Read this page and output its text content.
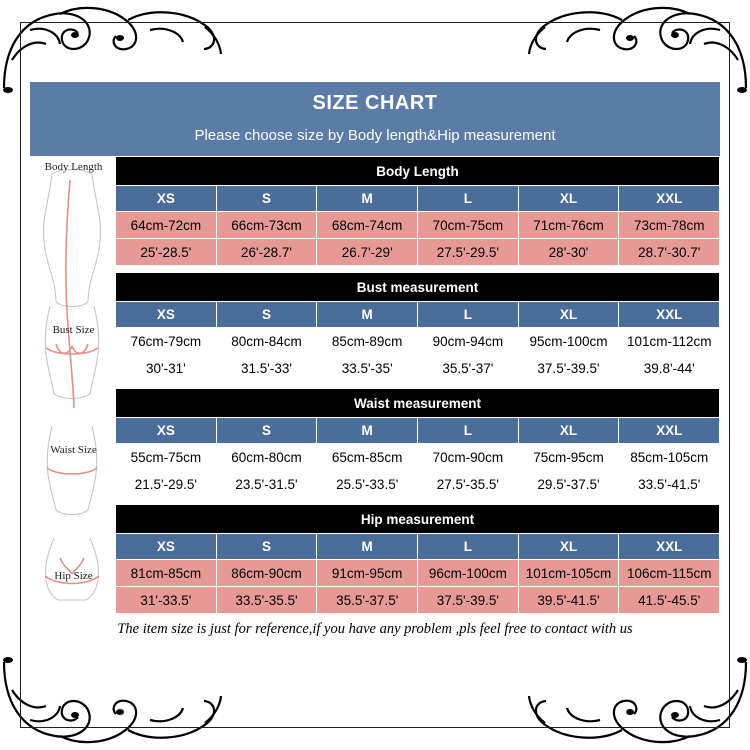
SIZE CHART
Please choose size by Body length&Hip measurement
Body Length
Bust Size
Waist Size
Hip Size
Body Length					
XS	S	M	L	XL	XXL
64cm-72cm	66cm-73cm	68cm-74cm	70cm-75cm	71cm-76cm	73cm-78cm
25'-28.5'	26'-28.7'	26.7'-29'	27.5'-29.5'	28'-30'	28.7'-30.7'

Bust measurement					
XS	S	M	L	XL	XXL
76cm-79cm	80cm-84cm	85cm-89cm	90cm-94cm	95cm-100cm	101cm-112cm
30'-31'	31.5'-33'	33.5'-35'	35.5'-37'	37.5'-39.5'	39.8'-44'

Waist measurement					
XS	S	M	L	XL	XXL
55cm-75cm	60cm-80cm	65cm-85cm	70cm-90cm	75cm-95cm	85cm-105cm
21.5'-29.5'	23.5'-31.5'	25.5'-33.5'	27.5'-35.5'	29.5'-37.5'	33.5'-41.5'

Hip measurement					
XS	S	M	L	XL	XXL
81cm-85cm	86cm-90cm	91cm-95cm	96cm-100cm	101cm-105cm	106cm-115cm
31'-33.5'	33.5'-35.5'	35.5'-37.5'	37.5'-39.5'	39.5'-41.5'	41.5'-45.5'
The item size is just for reference,if you have any problem ,pls feel free to contact with us
